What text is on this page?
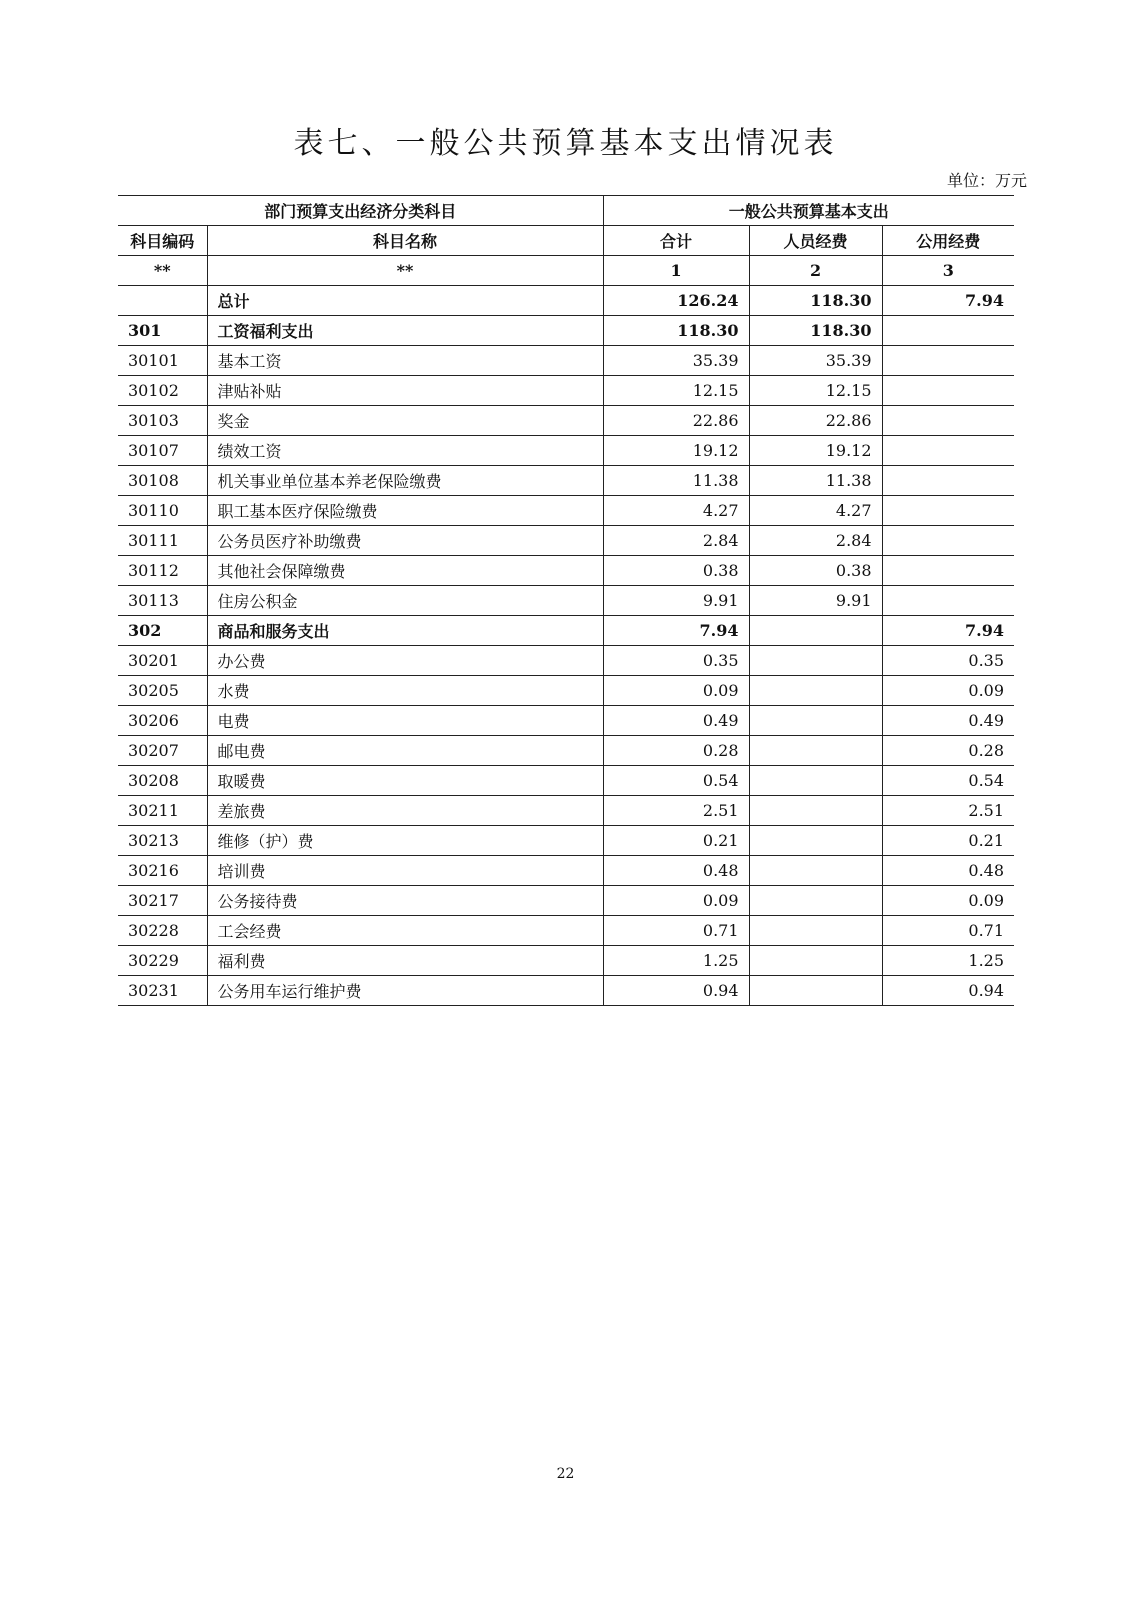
表七、一般公共预算基本支出情况表
单位：万元
部门预算支出经济分类科目		一般公共预算基本支出		
科目编码	科目名称	合计	人员经费	公用经费
**	**	1	2	3
	总计	126.24	118.30	7.94
301	工资福利支出	118.30	118.30	
30101	基本工资	35.39	35.39	
30102	津贴补贴	12.15	12.15	
30103	奖金	22.86	22.86	
30107	绩效工资	19.12	19.12	
30108	机关事业单位基本养老保险缴费	11.38	11.38	
30110	职工基本医疗保险缴费	4.27	4.27	
30111	公务员医疗补助缴费	2.84	2.84	
30112	其他社会保障缴费	0.38	0.38	
30113	住房公积金	9.91	9.91	
302	商品和服务支出	7.94		7.94
30201	办公费	0.35		0.35
30205	水费	0.09		0.09
30206	电费	0.49		0.49
30207	邮电费	0.28		0.28
30208	取暖费	0.54		0.54
30211	差旅费	2.51		2.51
30213	维修（护）费	0.21		0.21
30216	培训费	0.48		0.48
30217	公务接待费	0.09		0.09
30228	工会经费	0.71		0.71
30229	福利费	1.25		1.25
30231	公务用车运行维护费	0.94		0.94
22
